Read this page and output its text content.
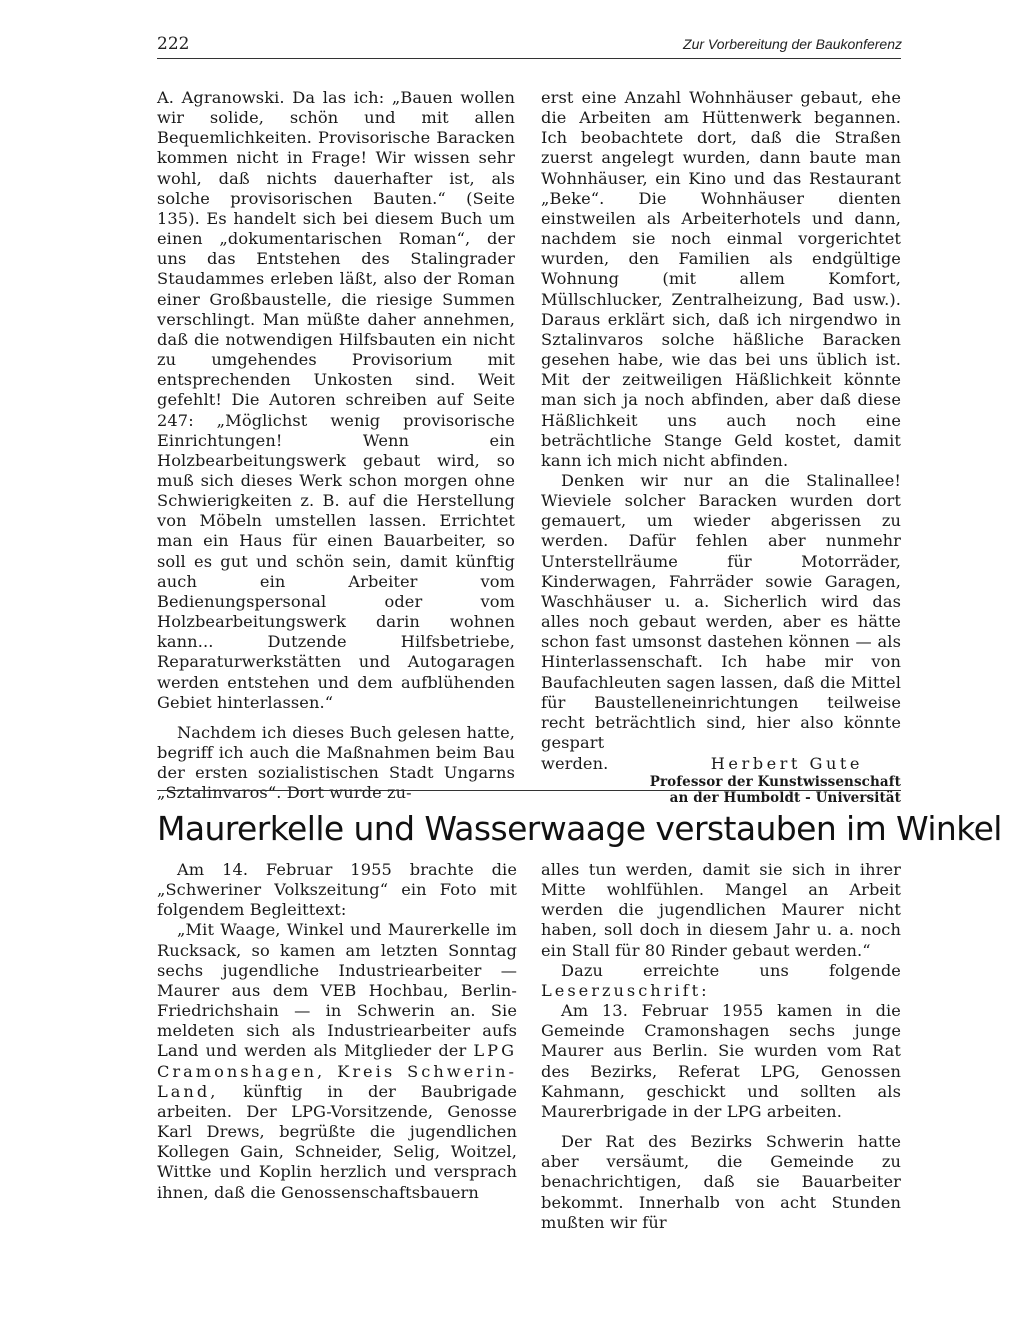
222	Zur Vorbereitung der Baukonferenz

A. Agranowski. Da las ich: „Bauen wollen wir solide, schön und mit allen Bequemlichkeiten. Provisorische Baracken kommen nicht in Frage! Wir wissen sehr wohl, daß nichts dauerhafter ist, als solche provisorischen Bauten.“ (Seite 135). Es handelt sich bei diesem Buch um einen „dokumentarischen Roman“, der uns das Entstehen des Stalingrader Staudammes erleben läßt, also der Roman einer Großbaustelle, die riesige Summen verschlingt. Man müßte daher annehmen, daß die notwendigen Hilfsbauten ein nicht zu umgehendes Provisorium mit entsprechenden Unkosten sind. Weit gefehlt! Die Autoren schreiben auf Seite 247: „Möglichst wenig provisorische Einrichtungen! Wenn ein Holzbearbeitungswerk gebaut wird, so muß sich dieses Werk schon morgen ohne Schwierigkeiten z. B. auf die Herstellung von Möbeln umstellen lassen. Errichtet man ein Haus für einen Bauarbeiter, so soll es gut und schön sein, damit künftig auch ein Arbeiter vom Bedienungspersonal oder vom Holzbearbeitungswerk darin wohnen kann... Dutzende Hilfsbetriebe, Reparaturwerkstätten und Autogaragen werden entstehen und dem aufblühenden Gebiet hinterlassen.“

Nachdem ich dieses Buch gelesen hatte, begriff ich auch die Maßnahmen beim Bau der ersten sozialistischen Stadt Ungarns „Sztalinvaros“. Dort wurde zu-

erst eine Anzahl Wohnhäuser gebaut, ehe die Arbeiten am Hüttenwerk begannen. Ich beobachtete dort, daß die Straßen zuerst angelegt wurden, dann baute man Wohnhäuser, ein Kino und das Restaurant „Beke“. Die Wohnhäuser dienten einstweilen als Arbeiterhotels und dann, nachdem sie noch einmal vorgerichtet wurden, den Familien als endgültige Wohnung (mit allem Komfort, Müllschlucker, Zentralheizung, Bad usw.). Daraus erklärt sich, daß ich nirgendwo in Sztalinvaros solche häßliche Baracken gesehen habe, wie das bei uns üblich ist. Mit der zeitweiligen Häßlichkeit könnte man sich ja noch abfinden, aber daß diese Häßlichkeit uns auch noch eine beträchtliche Stange Geld kostet, damit kann ich mich nicht abfinden.

Denken wir nur an die Stalinallee! Wieviele solcher Baracken wurden dort gemauert, um wieder abgerissen zu werden. Dafür fehlen aber nunmehr Unterstellräume für Motorräder, Kinderwagen, Fahrräder sowie Garagen, Waschhäuser u. a. Sicherlich wird das alles noch gebaut werden, aber es hätte schon fast umsonst dastehen können — als Hinterlassenschaft. Ich habe mir von Baufachleuten sagen lassen, daß die Mittel für Baustelleneinrichtungen teilweise recht beträchtlich sind, hier also könnte gespart

werden.	Herbert Gute
Professor der Kunstwissenschaft
an der Humboldt - Universität
Maurerkelle und Wasserwaage verstauben im Winkel

Am 14. Februar 1955 brachte die „Schweriner Volkszeitung“ ein Foto mit folgendem Begleittext:

„Mit Waage, Winkel und Maurerkelle im Rucksack, so kamen am letzten Sonntag sechs jugendliche Industriearbeiter — Maurer aus dem VEB Hochbau, Berlin-Friedrichshain — in Schwerin an. Sie meldeten sich als Industriearbeiter aufs Land und werden als Mitglieder der LPG Cramonshagen, Kreis Schwerin-Land, künftig in der Baubrigade arbeiten. Der LPG-Vorsitzende, Genosse Karl Drews, begrüßte die jugendlichen Kollegen Gain, Schneider, Selig, Woitzel, Wittke und Koplin herzlich und versprach ihnen, daß die Genossenschaftsbauern

alles tun werden, damit sie sich in ihrer Mitte wohlfühlen. Mangel an Arbeit werden die jugendlichen Maurer nicht haben, soll doch in diesem Jahr u. a. noch ein Stall für 80 Rinder gebaut werden.“

Dazu erreichte uns folgende Leserzuschrift:

Am 13. Februar 1955 kamen in die Gemeinde Cramonshagen sechs junge Maurer aus Berlin. Sie wurden vom Rat des Bezirks, Referat LPG, Genossen Kahmann, geschickt und sollten als Maurerbrigade in der LPG arbeiten.

Der Rat des Bezirks Schwerin hatte aber versäumt, die Gemeinde zu benachrichtigen, daß sie Bauarbeiter bekommt. Innerhalb von acht Stunden mußten wir für
